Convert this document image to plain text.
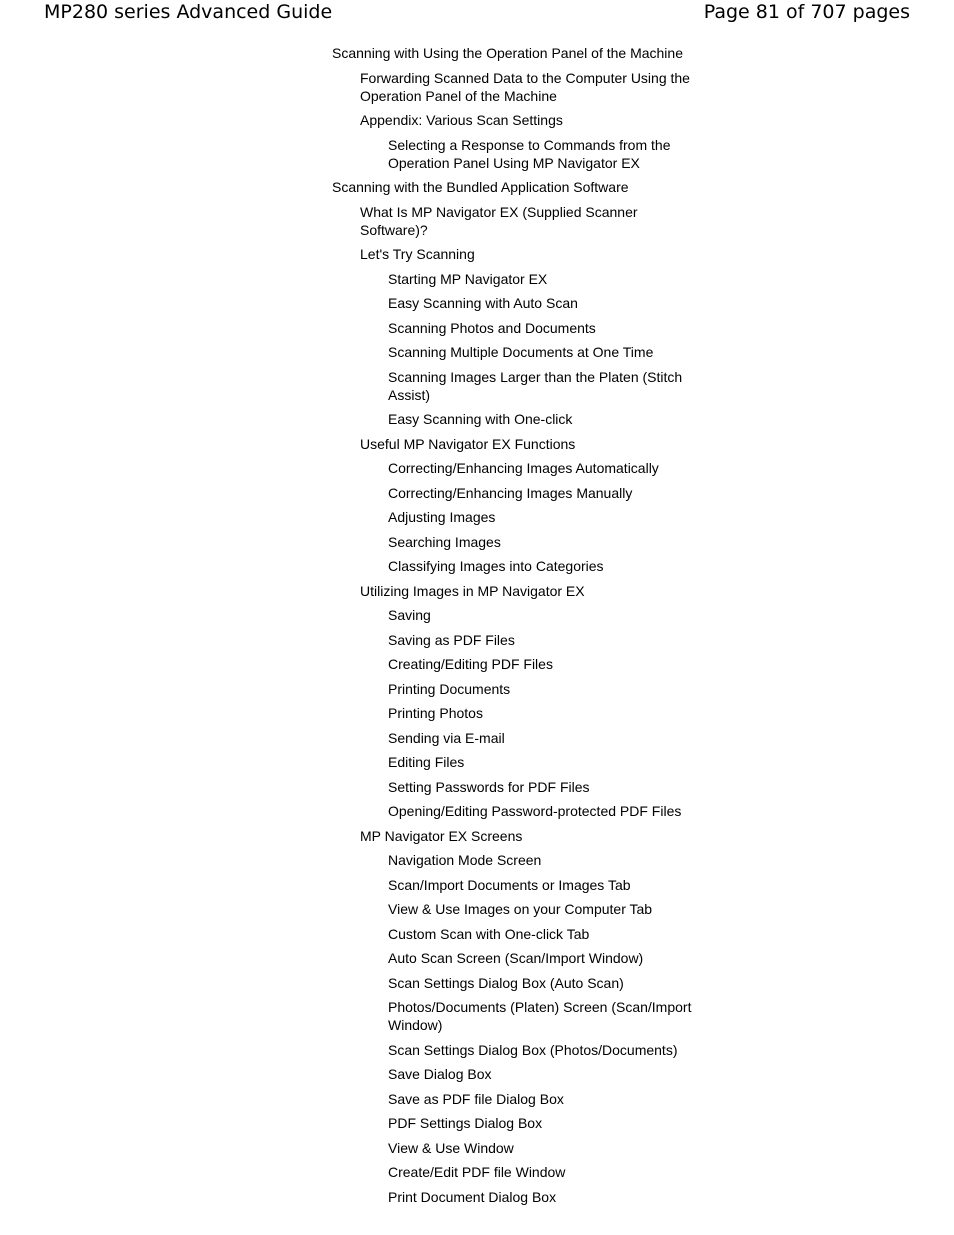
MP280 series Advanced Guide	Page 81 of 707 pages
Scanning with Using the Operation Panel of the Machine
Forwarding Scanned Data to the Computer Using the Operation Panel of the Machine
Appendix: Various Scan Settings
Selecting a Response to Commands from the Operation Panel Using MP Navigator EX
Scanning with the Bundled Application Software
What Is MP Navigator EX (Supplied Scanner Software)?
Let's Try Scanning
Starting MP Navigator EX
Easy Scanning with Auto Scan
Scanning Photos and Documents
Scanning Multiple Documents at One Time
Scanning Images Larger than the Platen (Stitch Assist)
Easy Scanning with One-click
Useful MP Navigator EX Functions
Correcting/Enhancing Images Automatically
Correcting/Enhancing Images Manually
Adjusting Images
Searching Images
Classifying Images into Categories
Utilizing Images in MP Navigator EX
Saving
Saving as PDF Files
Creating/Editing PDF Files
Printing Documents
Printing Photos
Sending via E-mail
Editing Files
Setting Passwords for PDF Files
Opening/Editing Password-protected PDF Files
MP Navigator EX Screens
Navigation Mode Screen
Scan/Import Documents or Images Tab
View & Use Images on your Computer Tab
Custom Scan with One-click Tab
Auto Scan Screen (Scan/Import Window)
Scan Settings Dialog Box (Auto Scan)
Photos/Documents (Platen) Screen (Scan/Import Window)
Scan Settings Dialog Box (Photos/Documents)
Save Dialog Box
Save as PDF file Dialog Box
PDF Settings Dialog Box
View & Use Window
Create/Edit PDF file Window
Print Document Dialog Box
